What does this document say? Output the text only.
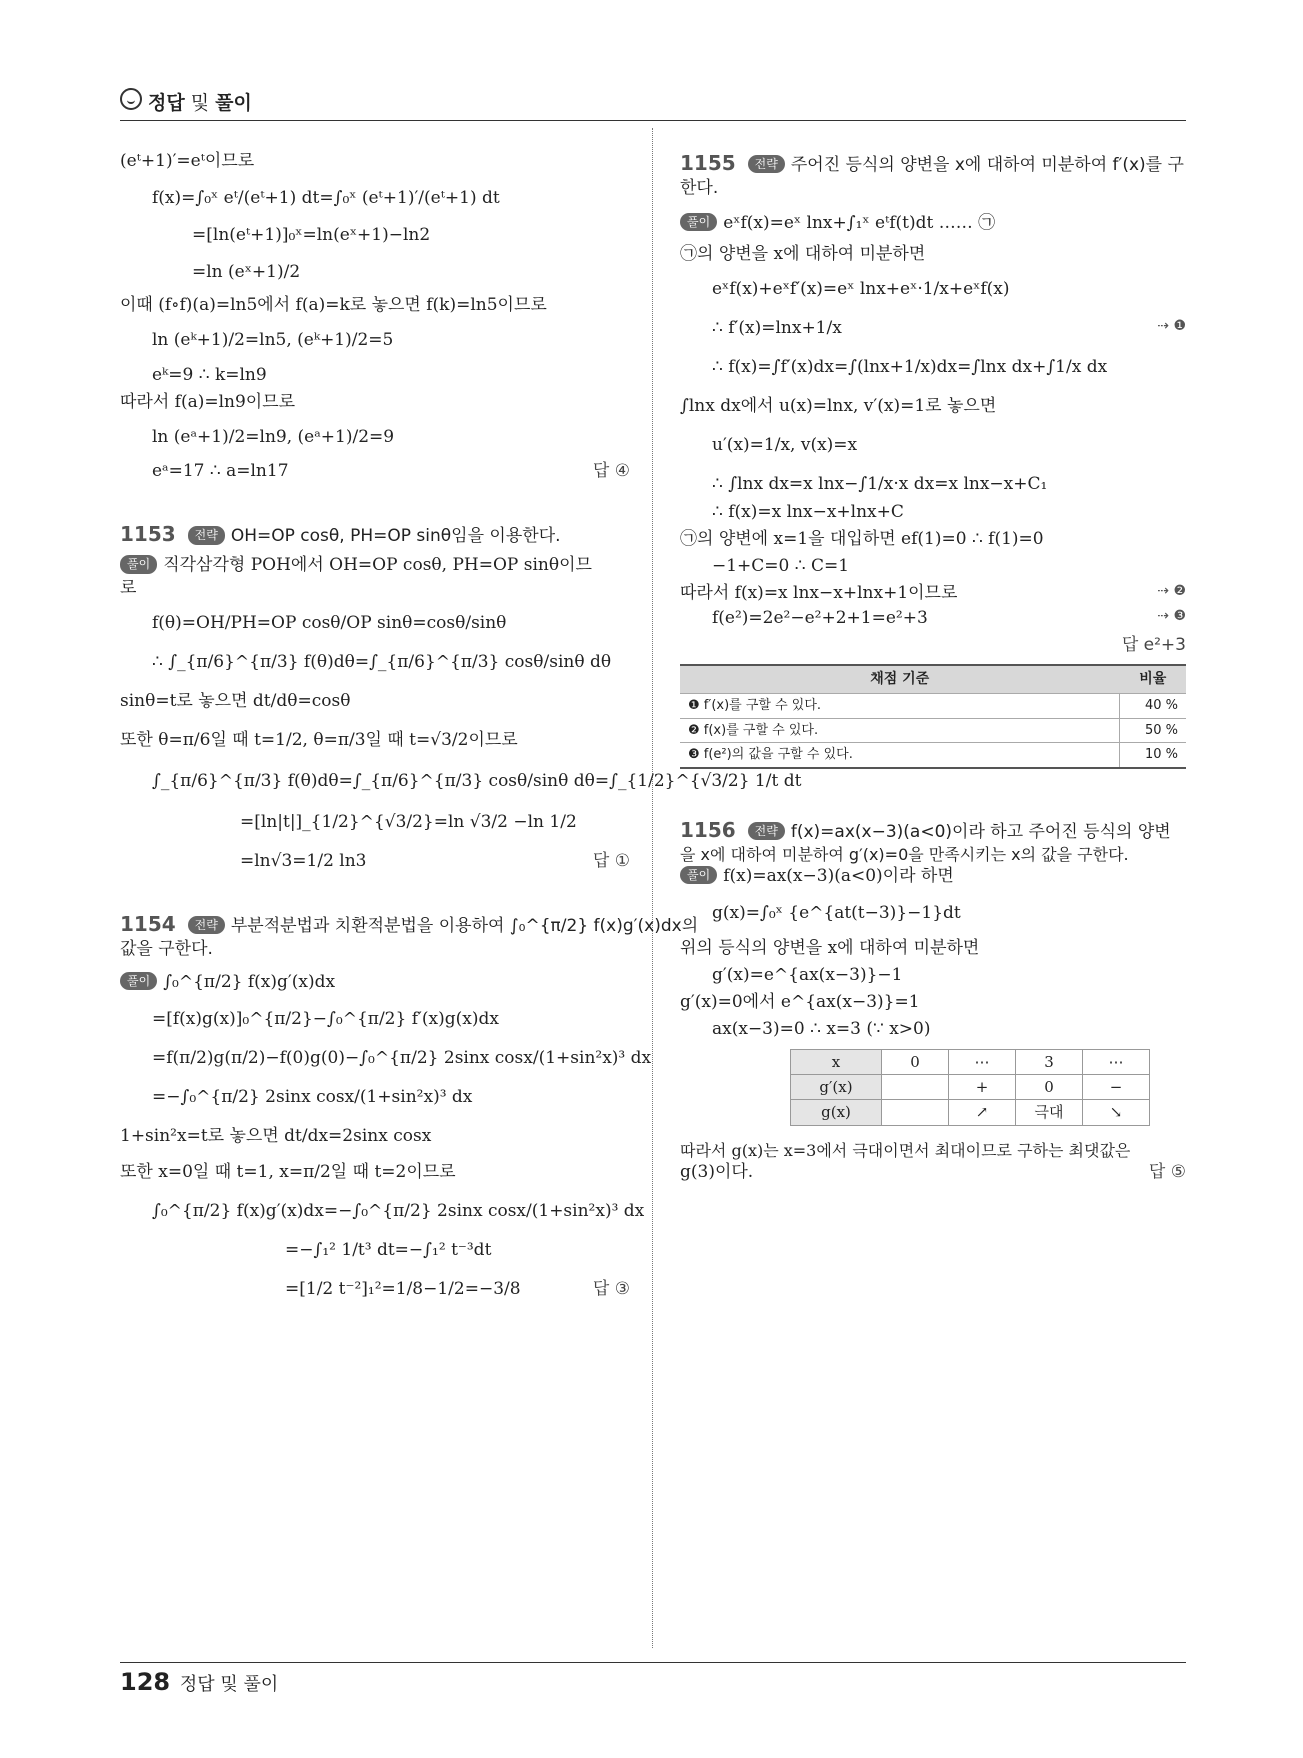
정답 및 풀이

(eᵗ+1)′=eᵗ이므로

f(x)=∫₀ˣ eᵗ/(eᵗ+1) dt=∫₀ˣ (eᵗ+1)′/(eᵗ+1) dt

=[ln(eᵗ+1)]₀ˣ=ln(eˣ+1)−ln2

=ln (eˣ+1)/2

이때 (f∘f)(a)=ln5에서 f(a)=k로 놓으면 f(k)=ln5이므로

ln (eᵏ+1)/2=ln5, (eᵏ+1)/2=5

eᵏ=9 ∴ k=ln9

따라서 f(a)=ln9이므로

ln (eᵃ+1)/2=ln9, (eᵃ+1)/2=9

eᵃ=17 ∴ a=ln17	답 ④

1153 전략 OH=OP cosθ, PH=OP sinθ임을 이용한다.

풀이 직각삼각형 POH에서 OH=OP cosθ, PH=OP sinθ이므

로

f(θ)=OH/PH=OP cosθ/OP sinθ=cosθ/sinθ

∴ ∫_{π/6}^{π/3} f(θ)dθ=∫_{π/6}^{π/3} cosθ/sinθ dθ

sinθ=t로 놓으면 dt/dθ=cosθ

또한 θ=π/6일 때 t=1/2, θ=π/3일 때 t=√3/2이므로

∫_{π/6}^{π/3} f(θ)dθ=∫_{π/6}^{π/3} cosθ/sinθ dθ=∫_{1/2}^{√3/2} 1/t dt

=[ln|t|]_{1/2}^{√3/2}=ln √3/2 −ln 1/2

=ln√3=1/2 ln3	답 ①

1154 전략 부분적분법과 치환적분법을 이용하여 ∫₀^{π/2} f(x)g′(x)dx의

값을 구한다.

풀이 ∫₀^{π/2} f(x)g′(x)dx

=[f(x)g(x)]₀^{π/2}−∫₀^{π/2} f′(x)g(x)dx

=f(π/2)g(π/2)−f(0)g(0)−∫₀^{π/2} 2sinx cosx/(1+sin²x)³ dx

=−∫₀^{π/2} 2sinx cosx/(1+sin²x)³ dx

1+sin²x=t로 놓으면 dt/dx=2sinx cosx

또한 x=0일 때 t=1, x=π/2일 때 t=2이므로

∫₀^{π/2} f(x)g′(x)dx=−∫₀^{π/2} 2sinx cosx/(1+sin²x)³ dx

=−∫₁² 1/t³ dt=−∫₁² t⁻³dt

=[1/2 t⁻²]₁²=1/8−1/2=−3/8	답 ③

1155 전략 주어진 등식의 양변을 x에 대하여 미분하여 f′(x)를 구

한다.

풀이 eˣf(x)=eˣ lnx+∫₁ˣ eᵗf(t)dt …… ㉠

㉠의 양변을 x에 대하여 미분하면

eˣf(x)+eˣf′(x)=eˣ lnx+eˣ·1/x+eˣf(x)

∴ f′(x)=lnx+1/x	⇢ ❶

∴ f(x)=∫f′(x)dx=∫(lnx+1/x)dx=∫lnx dx+∫1/x dx

∫lnx dx에서 u(x)=lnx, v′(x)=1로 놓으면

u′(x)=1/x, v(x)=x

∴ ∫lnx dx=x lnx−∫1/x·x dx=x lnx−x+C₁

∴ f(x)=x lnx−x+lnx+C

㉠의 양변에 x=1을 대입하면 ef(1)=0 ∴ f(1)=0

−1+C=0 ∴ C=1

따라서 f(x)=x lnx−x+lnx+1이므로	⇢ ❷

f(e²)=2e²−e²+2+1=e²+3	⇢ ❸

답 e²+3
채점 기준	비율
❶ f′(x)를 구할 수 있다.	40 %
❷ f(x)를 구할 수 있다.	50 %
❸ f(e²)의 값을 구할 수 있다.	10 %

1156 전략 f(x)=ax(x−3)(a<0)이라 하고 주어진 등식의 양변

을 x에 대하여 미분하여 g′(x)=0을 만족시키는 x의 값을 구한다.

풀이 f(x)=ax(x−3)(a<0)이라 하면

g(x)=∫₀ˣ {e^{at(t−3)}−1}dt

위의 등식의 양변을 x에 대하여 미분하면

g′(x)=e^{ax(x−3)}−1

g′(x)=0에서 e^{ax(x−3)}=1

ax(x−3)=0 ∴ x=3 (∵ x>0)

x	0	⋯	3	⋯
g′(x)		+	0	−
g(x)		↗	극대	↘

따라서 g(x)는 x=3에서 극대이면서 최대이므로 구하는 최댓값은

g(3)이다.	답 ⑤
128 정답 및 풀이
